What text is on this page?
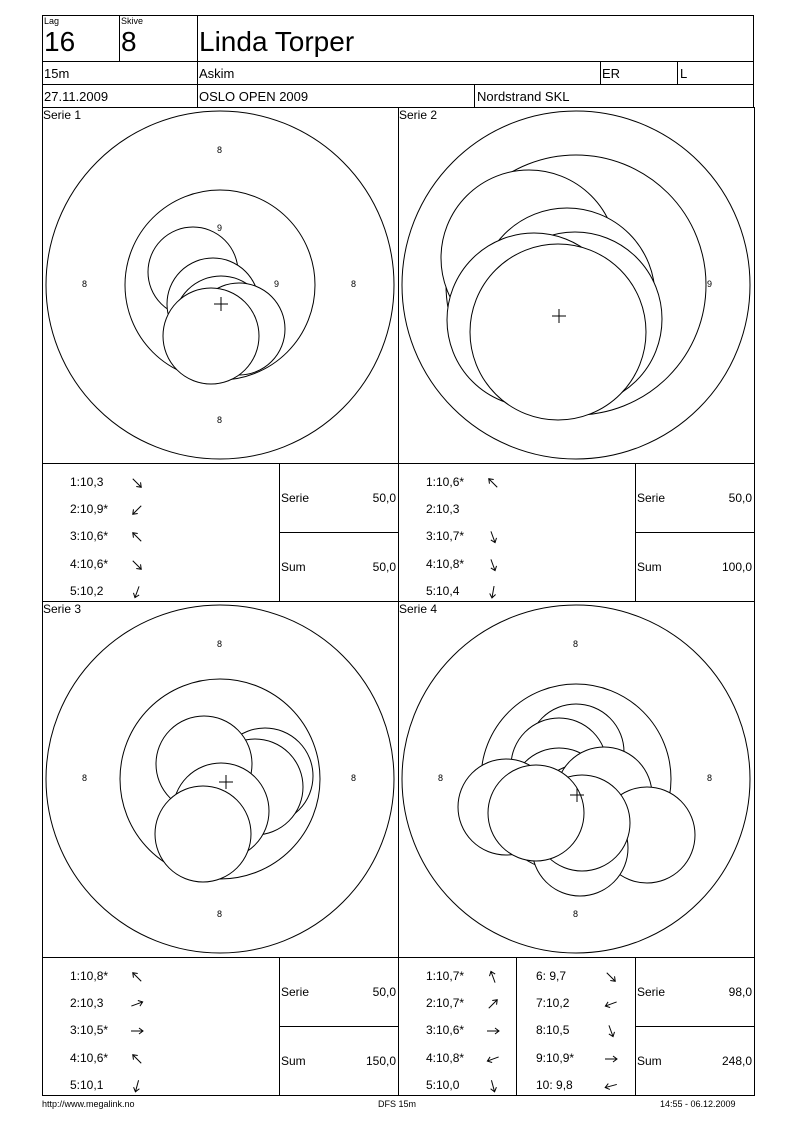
Lag
16
Skive
8 Linda Torper
15m	Askim	ER	L
27.11.2009	OSLO OPEN 2009	Nordstrand SKL
Serie 1
8
8
8	8
9
9
1:10,3
2:10,9*
3:10,6*
4:10,6*
5:10,2
Serie	50,0
Sum	50,0
Serie 2
9
1:10,6*
2:10,3
3:10,7*
4:10,8*
5:10,4
Serie	50,0
Sum	100,0
Serie 3
8
8
8	8
1:10,8*
2:10,3
3:10,5*
4:10,6*
5:10,1
Serie	50,0
Sum	150,0
Serie 4
8
8
8	8
1:10,7*
2:10,7*
3:10,6*
4:10,8*
5:10,0
6: 9,7
7:10,2
8:10,5
9:10,9*
10: 9,8
Serie	98,0
Sum	248,0
http://www.megalink.no	DFS 15m	14:55 - 06.12.2009
